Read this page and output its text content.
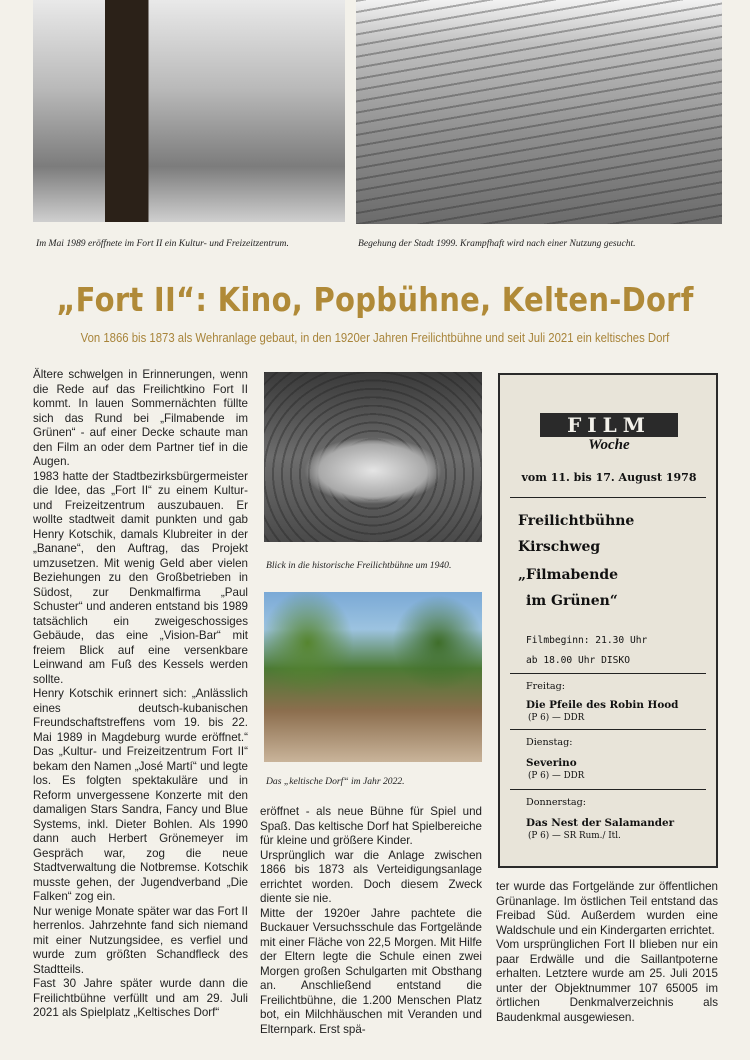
Im Mai 1989 eröffnete im Fort II ein Kultur- und Freizeitzentrum.	Begehung der Stadt 1999. Krampfhaft wird nach einer Nutzung gesucht.
„Fort II“: Kino, Popbühne, Kelten-Dorf
Von 1866 bis 1873 als Wehranlage gebaut, in den 1920er Jahren Freilichtbühne und seit Juli 2021 ein keltisches Dorf

Ältere schwelgen in Erinnerungen, wenn die Rede auf das Freilichtkino Fort II kommt. In lauen Sommernächten füllte sich das Rund bei „Filmabende im Grünen“ - auf einer Decke schaute man den Film an oder dem Partner tief in die Augen.

1983 hatte der Stadtbezirksbürgermeister die Idee, das „Fort II“ zu einem Kultur- und Freizeitzentrum auszubauen. Er wollte stadtweit damit punkten und gab Henry Kotschik, damals Klubreiter in der „Banane“, den Auftrag, das Projekt umzusetzen. Mit wenig Geld aber vielen Beziehungen zu den Großbetrieben in Südost, zur Denkmalfirma „Paul Schuster“ und anderen entstand bis 1989 tatsächlich ein zweigeschossiges Gebäude, das eine „Vision-Bar“ mit freiem Blick auf eine versenkbare Leinwand am Fuß des Kessels werden sollte.

Henry Kotschik erinnert sich: „Anlässlich eines deutsch-kubanischen Freundschaftstreffens vom 19. bis 22. Mai 1989 in Magdeburg wurde eröffnet.“ Das „Kultur- und Freizeitzentrum Fort II“ bekam den Namen „José Martí“ und legte los. Es folgten spektakuläre und in Reform unvergessene Konzerte mit den damaligen Stars Sandra, Fancy und Blue Systems, inkl. Dieter Bohlen. Als 1990 dann auch Herbert Grönemeyer im Gespräch war, zog die neue Stadtverwaltung die Notbremse. Kotschik musste gehen, der Jugendverband „Die Falken“ zog ein.

Nur wenige Monate später war das Fort II herrenlos. Jahrzehnte fand sich niemand mit einer Nutzungsidee, es verfiel und wurde zum größten Schandfleck des Stadtteils.

Fast 30 Jahre später wurde dann die Freilichtbühne verfüllt und am 29. Juli 2021 als Spielplatz „Keltisches Dorf“

Blick in die historische Freilichtbühne um 1940.
Das „keltische Dorf“ im Jahr 2022.

eröffnet - als neue Bühne für Spiel und Spaß. Das keltische Dorf hat Spielbereiche für kleine und größere Kinder.

Ursprünglich war die Anlage zwischen 1866 bis 1873 als Verteidigungsanlage errichtet worden. Doch diesem Zweck diente sie nie.

Mitte der 1920er Jahre pachtete die Buckauer Versuchsschule das Fortgelände mit einer Fläche von 22,5 Morgen. Mit Hilfe der Eltern legte die Schule einen zwei Morgen großen Schulgarten mit Obsthang an. Anschließend entstand die Freilichtbühne, die 1.200 Menschen Platz bot, ein Milchhäuschen mit Veranden und Elternpark. Erst spä-

FILM
Woche
vom 11. bis 17. August 1978
Freilichtbühne
Kirschweg
„Filmabende
im Grünen“
Filmbeginn: 21.30 Uhr
ab 18.00 Uhr DISKO
Freitag:
Die Pfeile des Robin Hood
(P 6) — DDR
Dienstag:
Severino
(P 6) — DDR
Donnerstag:
Das Nest der Salamander
(P 6) — SR Rum./ Itl.

ter wurde das Fortgelände zur öffentlichen Grünanlage. Im östlichen Teil entstand das Freibad Süd. Außerdem wurden eine Waldschule und ein Kindergarten errichtet.

Vom ursprünglichen Fort II blieben nur ein paar Erdwälle und die Saillantpoterne erhalten. Letztere wurde am 25. Juli 2015 unter der Objektnummer 107 65005 im örtlichen Denkmalverzeichnis als Baudenkmal ausgewiesen.
